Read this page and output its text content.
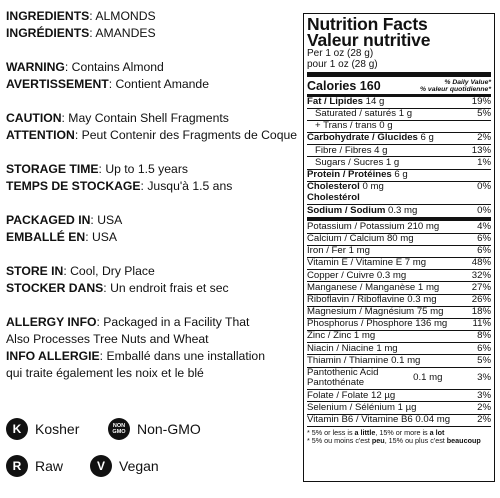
INGREDIENTS: ALMONDS
INGRÉDIENTS: AMANDES
WARNING: Contains Almond
AVERTISSEMENT: Contient Amande
CAUTION: May Contain Shell Fragments
ATTENTION: Peut Contenir des Fragments de Coque
STORAGE TIME: Up to 1.5 years
TEMPS DE STOCKAGE: Jusqu'à 1.5 ans
PACKAGED IN: USA
EMBALLÉ EN: USA
STORE IN: Cool, Dry Place
STOCKER DANS: Un endroit frais et sec
ALLERGY INFO: Packaged in a Facility That
Also Processes Tree Nuts and Wheat
INFO ALLERGIE: Emballé dans une installation
qui traite également les noix et le blé
K Kosher	NON
GMO Non-GMO
R Raw	V	Vegan
Nutrition Facts
Valeur nutritive
Per 1 oz (28 g)
pour 1 oz (28 g)
Calories 160	% Daily Value*
% valeur quotidienne*
Fat / Lipides 14 g	19%
Saturated / saturés 1 g	5%
+ Trans / trans 0 g
Carbohydrate / Glucides 6 g	2%
Fibre / Fibres 4 g	13%
Sugars / Sucres 1 g	1%
Protein / Protéines 6 g
Cholesterol 0 mg	0%
Cholestérol
Sodium / Sodium 0.3 mg	0%
Potassium / Potassium 210 mg	4%
Calcium / Calcium 80 mg	6%
Iron / Fer 1 mg	6%
Vitamin E / Vitamine E 7 mg	48%
Copper / Cuivre 0.3 mg	32%
Manganese / Manganèse 1 mg	27%
Riboflavin / Riboflavine 0.3 mg	26%
Magnesium / Magnésium 75 mg	18%
Phosphorus / Phosphore 136 mg	11%
Zinc / Zinc 1 mg	8%
Niacin / Niacine 1 mg	6%
Thiamin / Thiamine 0.1 mg	5%
Pantothenic Acid
Pantothénate	0.1 mg	3%
Folate / Folate 12 µg	3%
Selenium / Sélénium 1 µg	2%
Vitamin B6 / Vitamine B6 0.04 mg	2%
* 5% or less is a little, 15% or more is a lot
* 5% ou moins c'est peu, 15% ou plus c'est beaucoup
